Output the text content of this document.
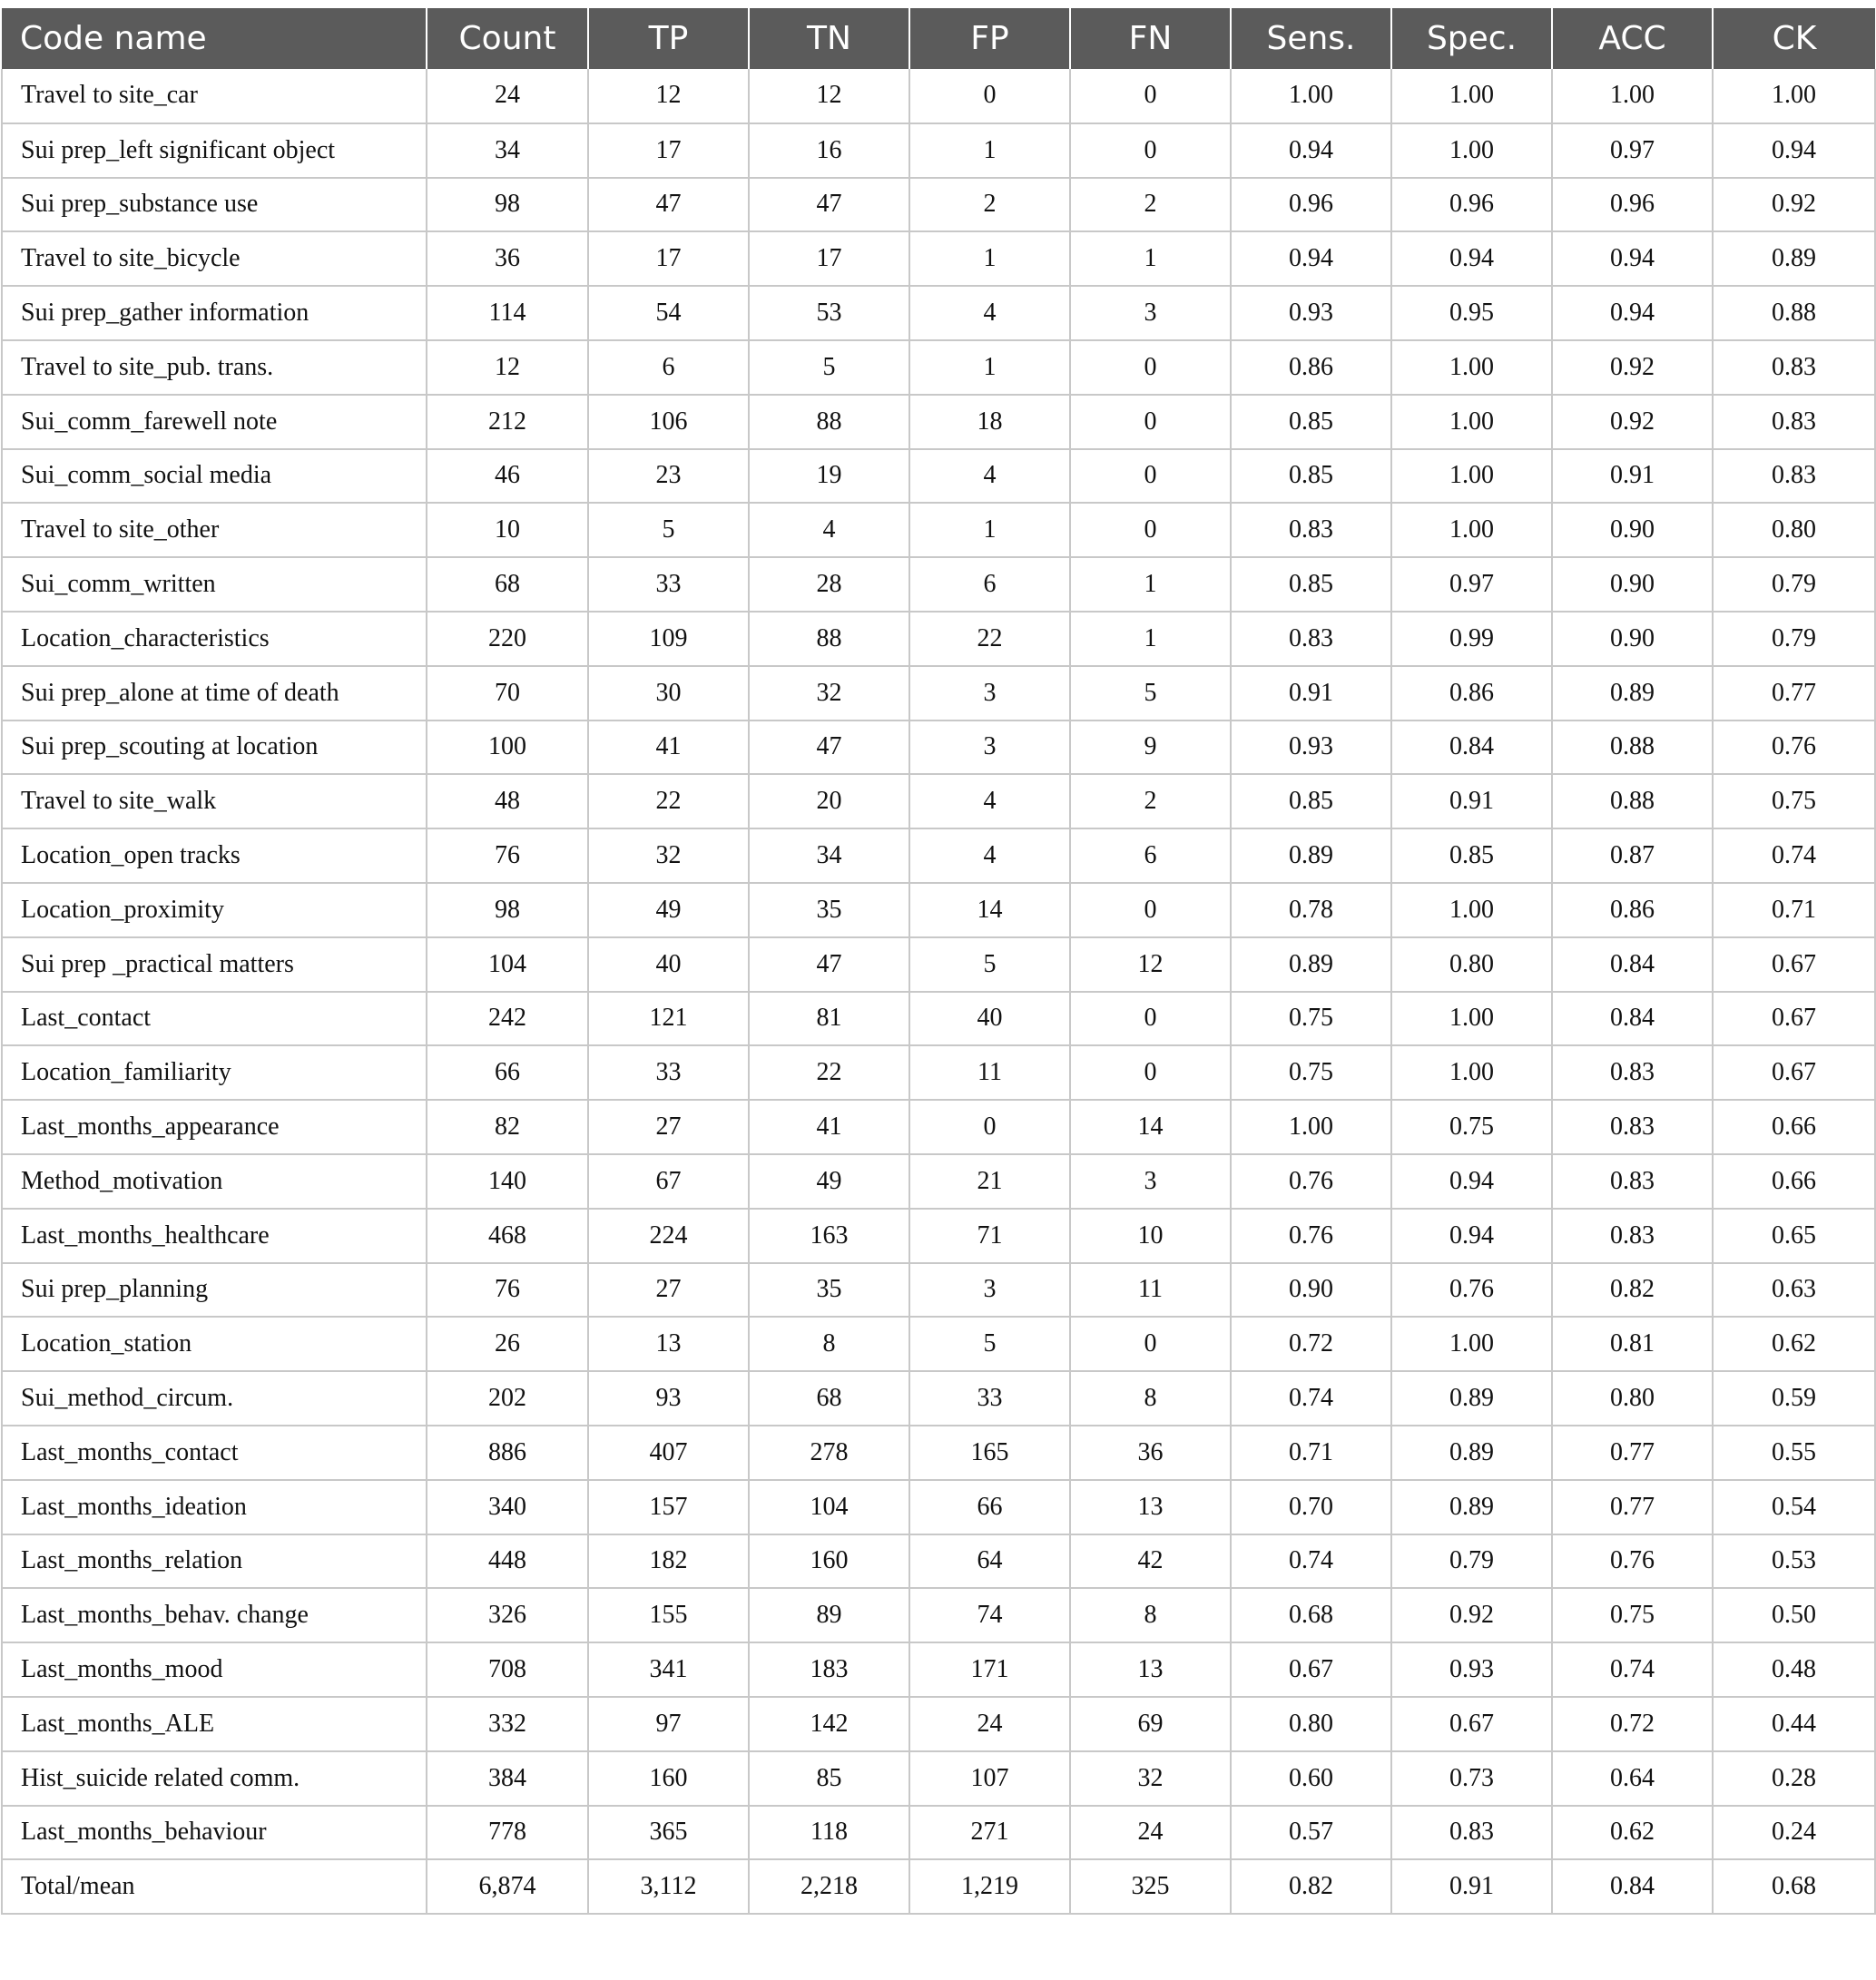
Code name	Count	TP	TN	FP	FN	Sens.	Spec.	ACC	CK
Travel to site_car	24	12	12	0	0	1.00	1.00	1.00	1.00
Sui prep_left significant object	34	17	16	1	0	0.94	1.00	0.97	0.94
Sui prep_substance use	98	47	47	2	2	0.96	0.96	0.96	0.92
Travel to site_bicycle	36	17	17	1	1	0.94	0.94	0.94	0.89
Sui prep_gather information	114	54	53	4	3	0.93	0.95	0.94	0.88
Travel to site_pub. trans.	12	6	5	1	0	0.86	1.00	0.92	0.83
Sui_comm_farewell note	212	106	88	18	0	0.85	1.00	0.92	0.83
Sui_comm_social media	46	23	19	4	0	0.85	1.00	0.91	0.83
Travel to site_other	10	5	4	1	0	0.83	1.00	0.90	0.80
Sui_comm_written	68	33	28	6	1	0.85	0.97	0.90	0.79
Location_characteristics	220	109	88	22	1	0.83	0.99	0.90	0.79
Sui prep_alone at time of death	70	30	32	3	5	0.91	0.86	0.89	0.77
Sui prep_scouting at location	100	41	47	3	9	0.93	0.84	0.88	0.76
Travel to site_walk	48	22	20	4	2	0.85	0.91	0.88	0.75
Location_open tracks	76	32	34	4	6	0.89	0.85	0.87	0.74
Location_proximity	98	49	35	14	0	0.78	1.00	0.86	0.71
Sui prep _practical matters	104	40	47	5	12	0.89	0.80	0.84	0.67
Last_contact	242	121	81	40	0	0.75	1.00	0.84	0.67
Location_familiarity	66	33	22	11	0	0.75	1.00	0.83	0.67
Last_months_appearance	82	27	41	0	14	1.00	0.75	0.83	0.66
Method_motivation	140	67	49	21	3	0.76	0.94	0.83	0.66
Last_months_healthcare	468	224	163	71	10	0.76	0.94	0.83	0.65
Sui prep_planning	76	27	35	3	11	0.90	0.76	0.82	0.63
Location_station	26	13	8	5	0	0.72	1.00	0.81	0.62
Sui_method_circum.	202	93	68	33	8	0.74	0.89	0.80	0.59
Last_months_contact	886	407	278	165	36	0.71	0.89	0.77	0.55
Last_months_ideation	340	157	104	66	13	0.70	0.89	0.77	0.54
Last_months_relation	448	182	160	64	42	0.74	0.79	0.76	0.53
Last_months_behav. change	326	155	89	74	8	0.68	0.92	0.75	0.50
Last_months_mood	708	341	183	171	13	0.67	0.93	0.74	0.48
Last_months_ALE	332	97	142	24	69	0.80	0.67	0.72	0.44
Hist_suicide related comm.	384	160	85	107	32	0.60	0.73	0.64	0.28
Last_months_behaviour	778	365	118	271	24	0.57	0.83	0.62	0.24
Total/mean	6,874	3,112	2,218	1,219	325	0.82	0.91	0.84	0.68
